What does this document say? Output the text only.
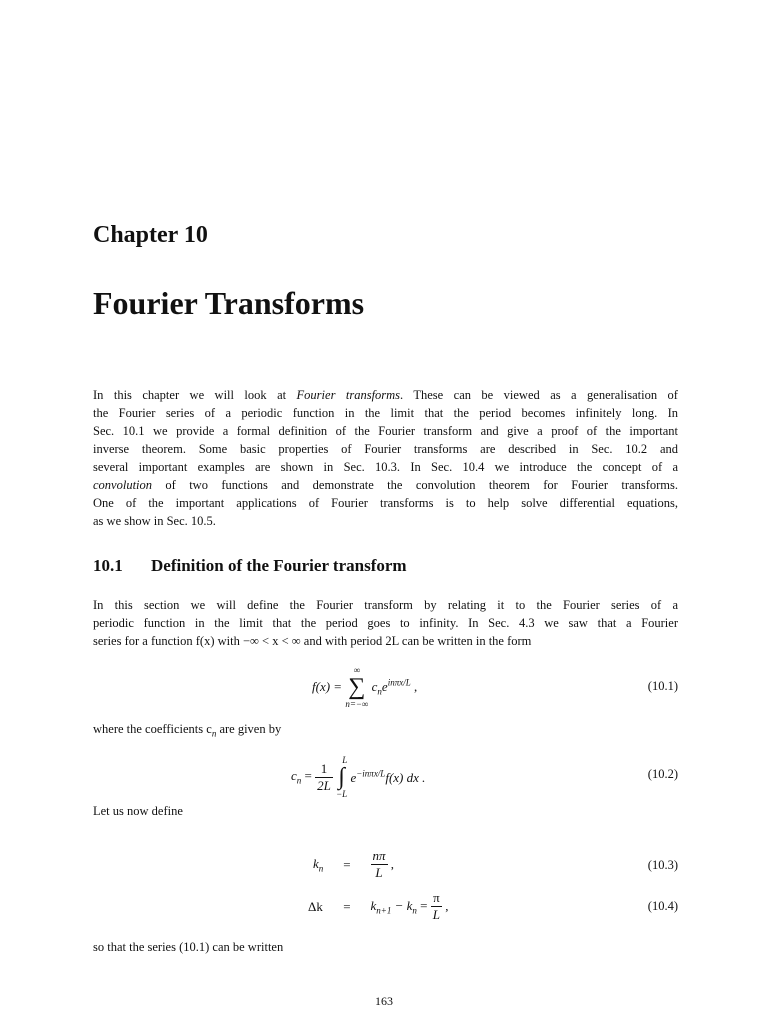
Chapter 10
Fourier Transforms
In this chapter we will look at Fourier transforms. These can be viewed as a generalisation of
the Fourier series of a periodic function in the limit that the period becomes infinitely long. In
Sec. 10.1 we provide a formal definition of the Fourier transform and give a proof of the important
inverse theorem. Some basic properties of Fourier transforms are described in Sec. 10.2 and
several important examples are shown in Sec. 10.3. In Sec. 10.4 we introduce the concept of a
convolution of two functions and demonstrate the convolution theorem for Fourier transforms.
One of the important applications of Fourier transforms is to help solve differential equations,
as we show in Sec. 10.5.
10.1 Definition of the Fourier transform
In this section we will define the Fourier transform by relating it to the Fourier series of a
periodic function in the limit that the period goes to infinity. In Sec. 4.3 we saw that a Fourier
series for a function f(x) with −∞ < x < ∞ and with period 2L can be written in the form
f(x) =
∞
∑
n=−∞
$c_ne^{in\pi x/L}$ ,	(10.1)
where the coefficients $c_n$ are given by
$c_n = \frac{1}{2L}$

L
∫
−L
$e^{-in\pi x/L}f(x)$ dx .	(10.2)
Let us now define
$k_n = \frac{n\pi}{L}$ ,	(10.3)
$\Delta k = k_{n+1} - k_n = \frac{\pi}{L}$ ,	(10.4)
so that the series (10.1) can be written
163
